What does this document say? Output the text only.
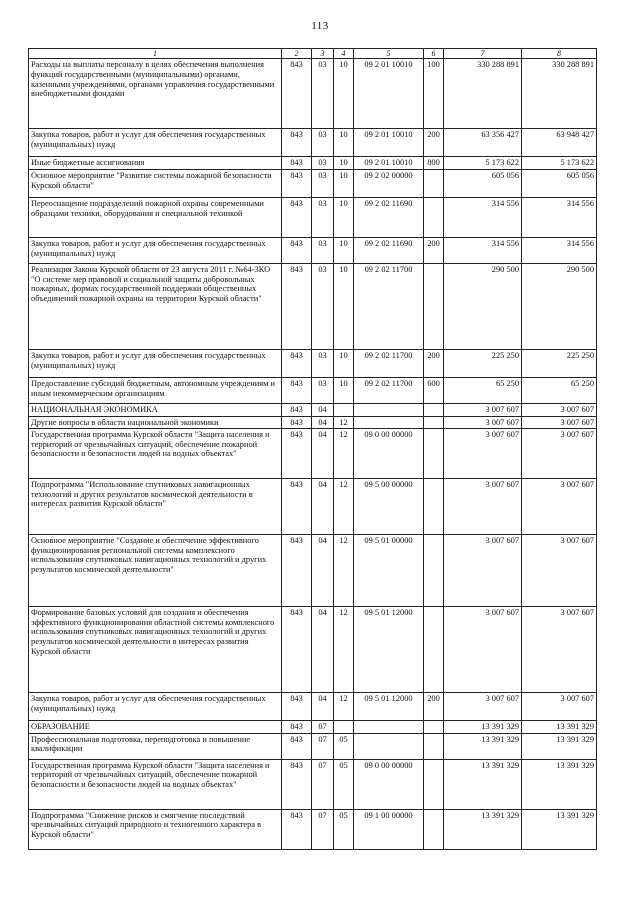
113
1	2	3	4	5	6	7	8
Расходы на выплаты персоналу в целях обеспечения выполнения функций государственными (муниципальными) органами, казенными учреждениями, органами управления государственными внебюджетными фондами	843	03	10	09 2 01 10010	100	330 288 891	330 288 891
Закупка товаров, работ и услуг для обеспечения государственных (муниципальных) нужд	843	03	10	09 2 01 10010	200	63 356 427	63 948 427
Иные бюджетные ассигнования	843	03	10	09 2 01 10010	800	5 173 622	5 173 622
Основное мероприятие "Развитие системы пожарной безопасности Курской области"	843	03	10	09 2 02 00000		605 056	605 056
Переоснащение подразделений пожарной охраны современными образцами техники, оборудования и специальной техникой	843	03	10	09 2 02 11690		314 556	314 556
Закупка товаров, работ и услуг для обеспечения государственных (муниципальных) нужд	843	03	10	09 2 02 11690	200	314 556	314 556
Реализация Закона Курской области от 23 августа 2011 г. №64-ЗКО "О системе мер правовой и социальной защиты добровольных пожарных, формах государственной поддержки общественных объединений пожарной охраны на территории Курской области"	843	03	10	09 2 02 11700		290 500	290 500
Закупка товаров, работ и услуг для обеспечения государственных (муниципальных) нужд	843	03	10	09 2 02 11700	200	225 250	225 250
Предоставление субсидий бюджетным, автономным учреждениям и иным некоммерческим организациям	843	03	10	09 2 02 11700	600	65 250	65 250
НАЦИОНАЛЬНАЯ ЭКОНОМИКА	843	04				3 007 607	3 007 607
Другие вопросы в области национальной экономики	843	04	12			3 007 607	3 007 607
Государственная программа Курской области "Защита населения и территорий от чрезвычайных ситуаций, обеспечение пожарной безопасности и безопасности людей на водных объектах"	843	04	12	09 0 00 00000		3 007 607	3 007 607
Подпрограмма "Использование спутниковых навигационных технологий и других результатов космической деятельности в интересах развития Курской области"	843	04	12	09 5 00 00000		3 007 607	3 007 607
Основное мероприятие "Создание и обеспечение эффективного функционирования региональной системы комплексного использования спутниковых навигационных технологий и других результатов космической деятельности"	843	04	12	09 5 01 00000		3 007 607	3 007 607
Формирование базовых условий для создания и обеспечения эффективного функционирования областной системы комплексного использования спутниковых навигационных технологий и других результатов космической деятельности в интересах развития Курской области	843	04	12	09 5 01 12000		3 007 607	3 007 607
Закупка товаров, работ и услуг для обеспечения государственных (муниципальных) нужд	843	04	12	09 5 01 12000	200	3 007 607	3 007 607
ОБРАЗОВАНИЕ	843	07				13 391 329	13 391 329
Профессиональная подготовка, переподготовка и повышение квалификации	843	07	05			13 391 329	13 391 329
Государственная программа Курской области "Защита населения и территорий от чрезвычайных ситуаций, обеспечение пожарной безопасности и безопасности людей на водных объектах"	843	07	05	09 0 00 00000		13 391 329	13 391 329
Подпрограмма "Снижение рисков и смягчение последствий чрезвычайных ситуаций природного и техногенного характера в Курской области"	843	07	05	09 1 00 00000		13 391 329	13 391 329
